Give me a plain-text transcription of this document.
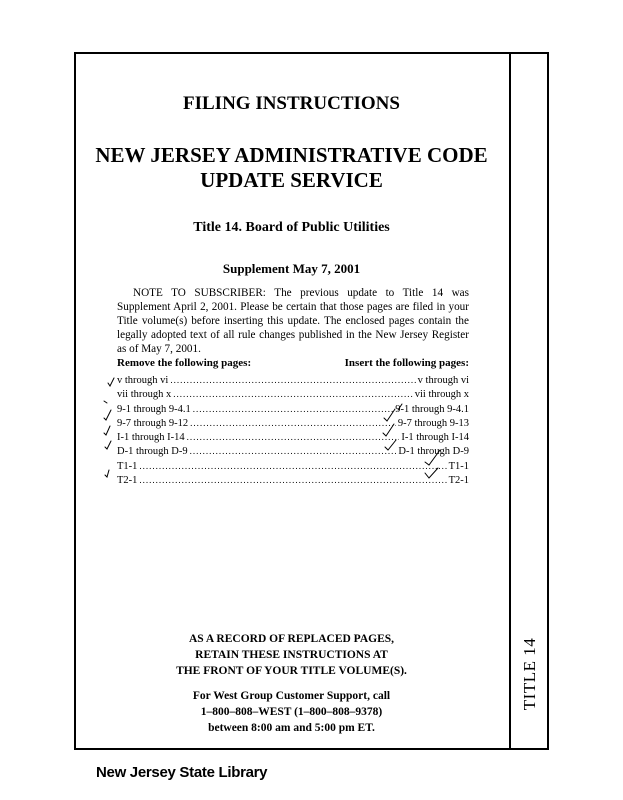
TITLE 14
FILING INSTRUCTIONS
NEW JERSEY ADMINISTRATIVE CODE
UPDATE SERVICE
Title 14. Board of Public Utilities
Supplement May 7, 2001
NOTE TO SUBSCRIBER: The previous update to Title 14 was Supplement April 2, 2001. Please be certain that those pages are filed in your Title volume(s) before inserting this update. The enclosed pages contain the legally adopted text of all rule changes published in the New Jersey Register as of May 7, 2001.
Remove the following pages:	Insert the following pages:
v through vi .....	v through vi
vii through x .....	vii through x
9-1 through 9-4.1 .....	9-1 through 9-4.1
9-7 through 9-12 .....	9-7 through 9-13
I-1 through I-14 .....	I-1 through I-14
D-1 through D-9 .....	D-1 through D-9
T1-1 .....	T1-1
T2-1 .....	T2-1
AS A RECORD OF REPLACED PAGES,
RETAIN THESE INSTRUCTIONS AT
THE FRONT OF YOUR TITLE VOLUME(S).
For West Group Customer Support, call
1–800–808–WEST (1–800–808–9378)
between 8:00 am and 5:00 pm ET.
New Jersey State Library
